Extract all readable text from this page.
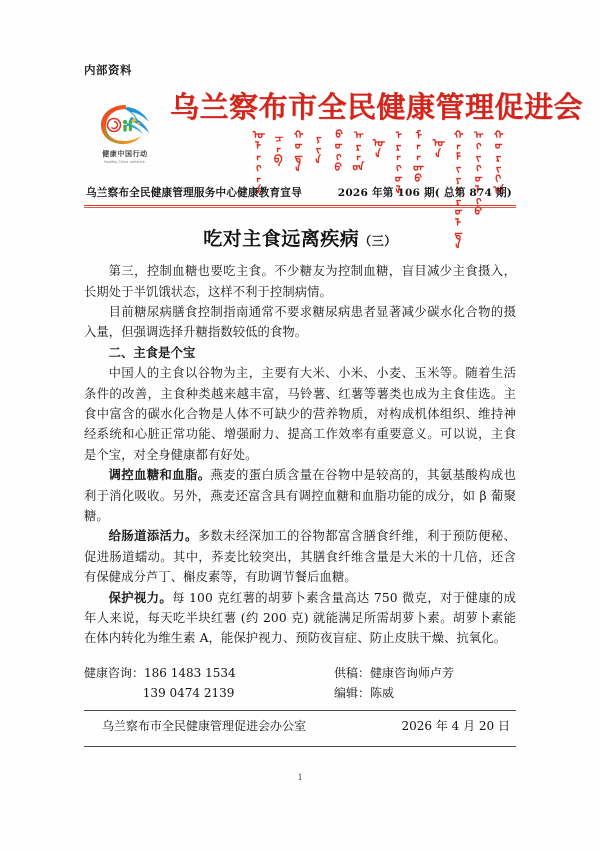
内部资料
健康中国行动
Healthy China Initiative
乌兰察布市全民健康管理促进会
ᠤᠯᠠᠭᠠᠨ ᠴᠠᠪ ᠬᠣᠲᠠ ᠶᠢᠨ ᠪᠦᠬᠦ ᠠᠷᠠᠳ ᠤᠨ ᠡᠷᠡᠭᠦᠯ ᠮᠡᠨᠳᠦ ᠤᠨ ᠬᠠᠮᠢᠶᠠᠷᠤᠯᠲᠠ ᠠᠬᠢᠭᠤᠯᠬᠤ ᠬᠣᠷᠢᠶ᠎ᠠ
乌兰察布全民健康管理服务中心健康教育宣导	2026 年第 106 期( 总第 874 期)
吃对主食远离疾病（三）

第三，控制血糖也要吃主食。不少糖友为控制血糖，盲目减少主食摄入，长期处于半饥饿状态，这样不利于控制病情。

目前糖尿病膳食控制指南通常不要求糖尿病患者显著减少碳水化合物的摄入量，但强调选择升糖指数较低的食物。

二、主食是个宝

中国人的主食以谷物为主，主要有大米、小米、小麦、玉米等。随着生活条件的改善，主食种类越来越丰富，马铃薯、红薯等薯类也成为主食佳选。主食中富含的碳水化合物是人体不可缺少的营养物质，对构成机体组织、维持神经系统和心脏正常功能、增强耐力、提高工作效率有重要意义。可以说，主食是个宝，对全身健康都有好处。

调控血糖和血脂。燕麦的蛋白质含量在谷物中是较高的，其氨基酸构成也利于消化吸收。另外，燕麦还富含具有调控血糖和血脂功能的成分，如 β 葡聚糖。

给肠道添活力。多数未经深加工的谷物都富含膳食纤维，利于预防便秘、促进肠道蠕动。其中，荞麦比较突出，其膳食纤维含量是大米的十几倍，还含有保健成分芦丁、槲皮素等，有助调节餐后血糖。

保护视力。每 100 克红薯的胡萝卜素含量高达 750 微克，对于健康的成年人来说，每天吃半块红薯 (约 200 克) 就能满足所需胡萝卜素。胡萝卜素能在体内转化为维生素 A，能保护视力、预防夜盲症、防止皮肤干燥、抗氧化。

健康咨询：186 1483 1534
139 0474 2139
供稿：健康咨询师卢芳
编辑：陈威
乌兰察布市全民健康管理促进会办公室	2026 年 4 月 20 日
1
